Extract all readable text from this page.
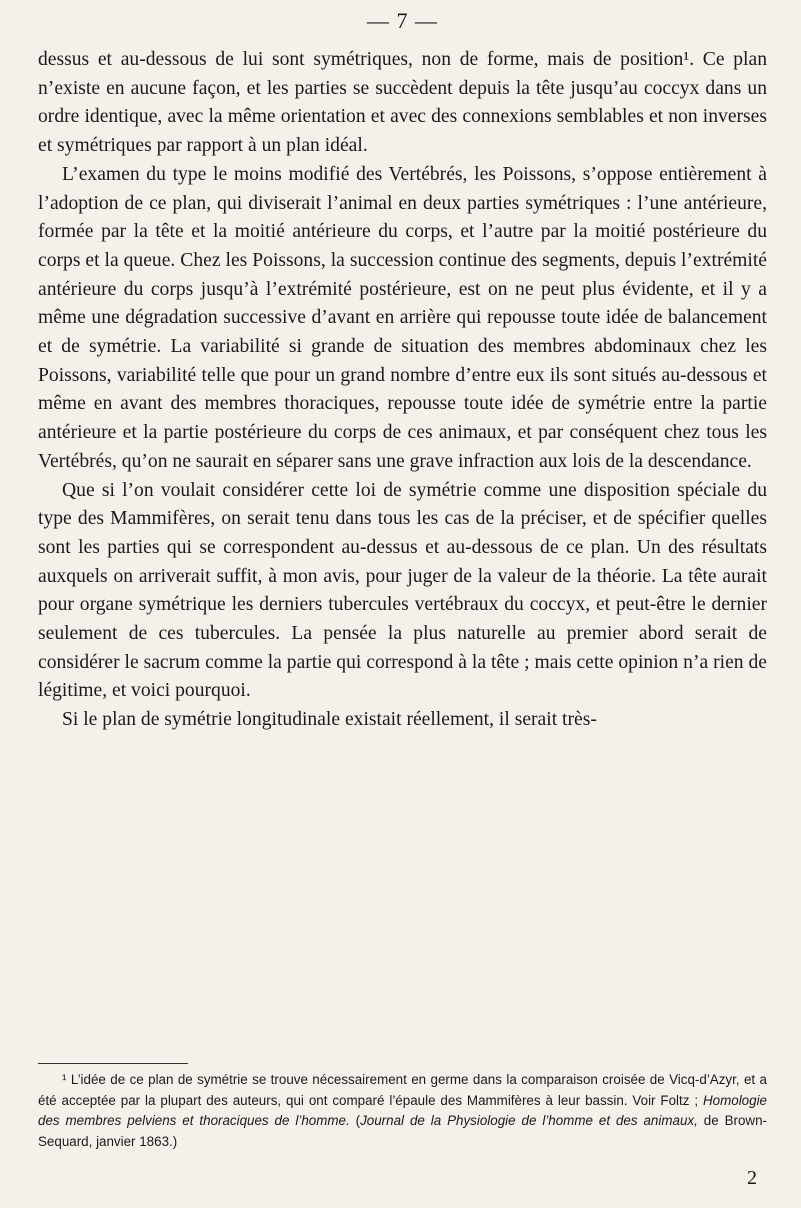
— 7 —

dessus et au-dessous de lui sont symétriques, non de forme, mais de position¹. Ce plan n’existe en aucune façon, et les parties se succèdent depuis la tête jusqu’au coccyx dans un ordre identique, avec la même orientation et avec des connexions semblables et non inverses et symétriques par rapport à un plan idéal.

L’examen du type le moins modifié des Vertébrés, les Poissons, s’oppose entièrement à l’adoption de ce plan, qui diviserait l’animal en deux parties symétriques : l’une antérieure, formée par la tête et la moitié antérieure du corps, et l’autre par la moitié postérieure du corps et la queue. Chez les Poissons, la succession continue des segments, depuis l’extrémité antérieure du corps jusqu’à l’extrémité postérieure, est on ne peut plus évidente, et il y a même une dégradation successive d’avant en arrière qui repousse toute idée de balancement et de symétrie. La variabilité si grande de situation des membres abdominaux chez les Poissons, variabilité telle que pour un grand nombre d’entre eux ils sont situés au-dessous et même en avant des membres thoraciques, repousse toute idée de symétrie entre la partie antérieure et la partie postérieure du corps de ces animaux, et par conséquent chez tous les Vertébrés, qu’on ne saurait en séparer sans une grave infraction aux lois de la descendance.

Que si l’on voulait considérer cette loi de symétrie comme une disposition spéciale du type des Mammifères, on serait tenu dans tous les cas de la préciser, et de spécifier quelles sont les parties qui se correspondent au-dessus et au-dessous de ce plan. Un des résultats auxquels on arriverait suffit, à mon avis, pour juger de la valeur de la théorie. La tête aurait pour organe symétrique les derniers tubercules vertébraux du coccyx, et peut-être le dernier seulement de ces tubercules. La pensée la plus naturelle au premier abord serait de considérer le sacrum comme la partie qui correspond à la tête ; mais cette opinion n’a rien de légitime, et voici pourquoi.

Si le plan de symétrie longitudinale existait réellement, il serait très-

¹ L’idée de ce plan de symétrie se trouve nécessairement en germe dans la comparaison croisée de Vicq-d’Azyr, et a été acceptée par la plupart des auteurs, qui ont comparé l’épaule des Mammifères à leur bassin. Voir Foltz ; Homologie des membres pelviens et thoraciques de l’homme. (Journal de la Physiologie de l’homme et des animaux, de Brown-Sequard, janvier 1863.)

2
